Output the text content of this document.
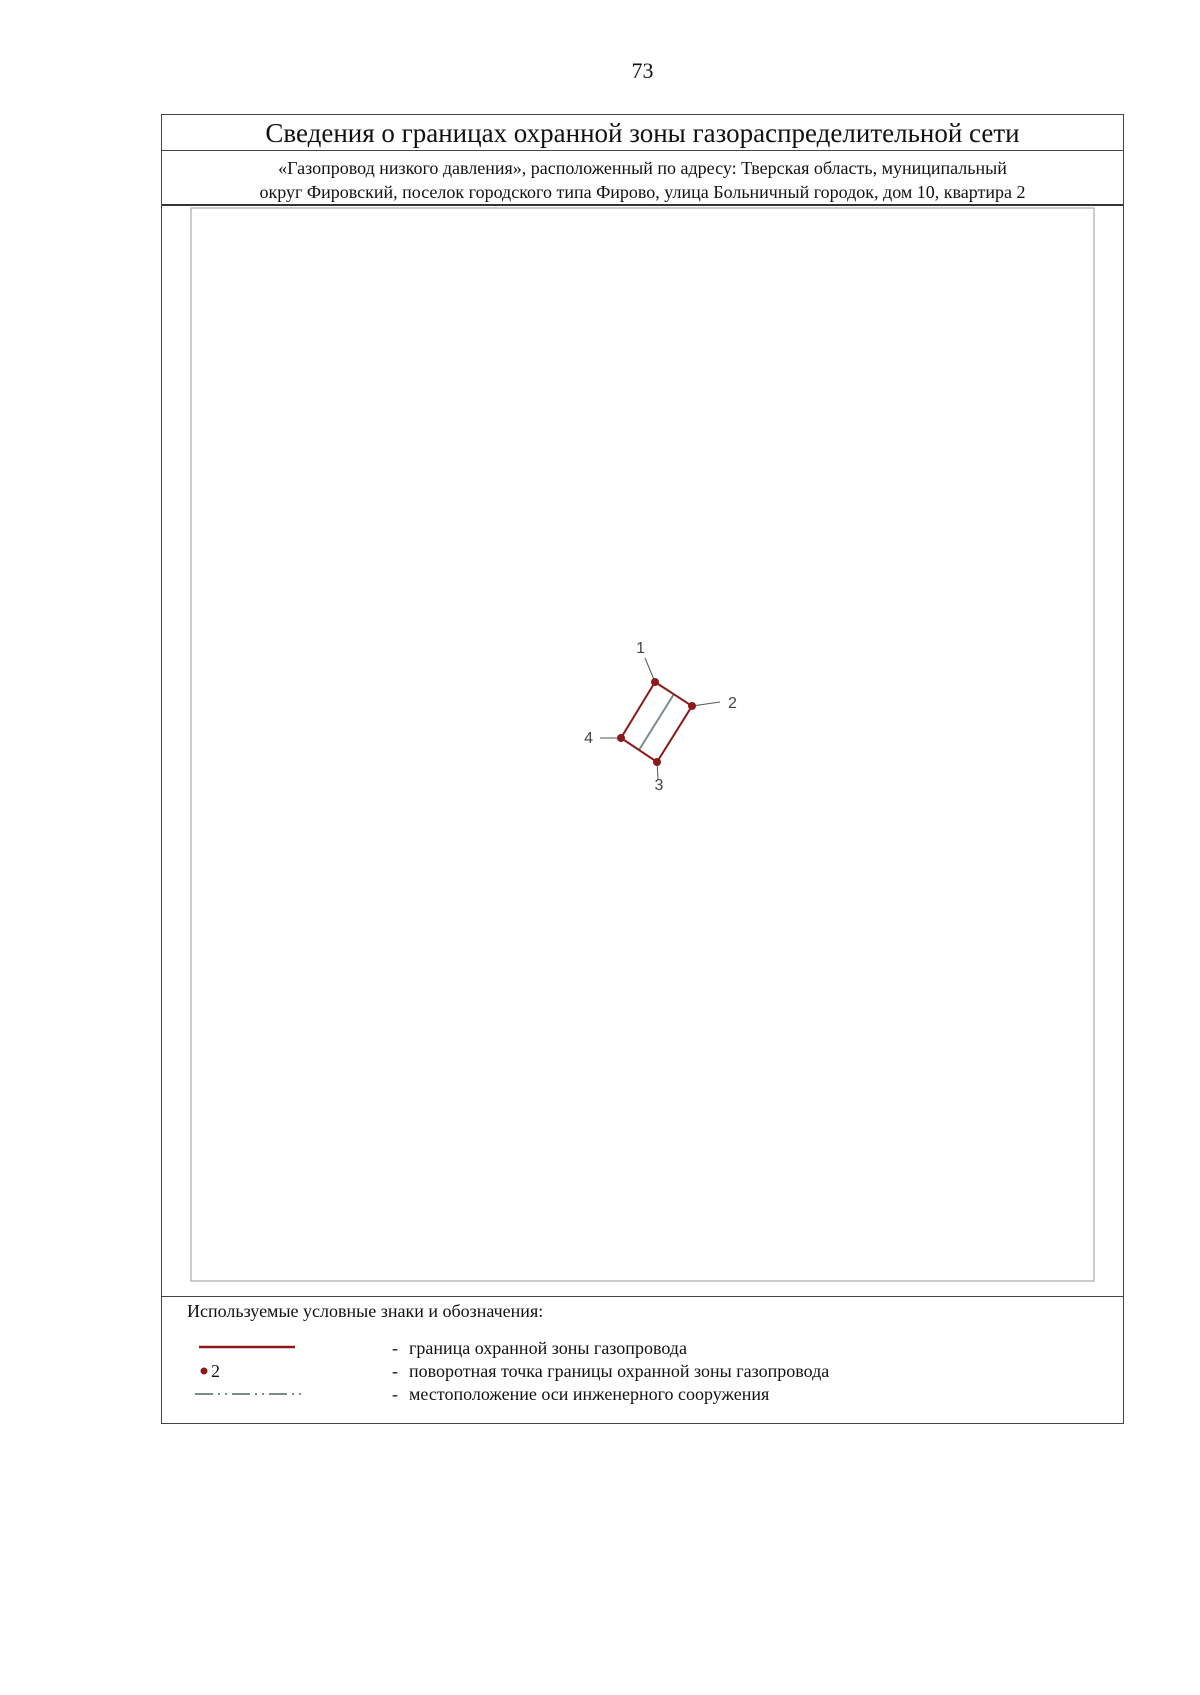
73
Сведения о границах охранной зоны газораспределительной сети
«Газопровод низкого давления», расположенный по адресу: Тверская область, муниципальный
округ Фировский, поселок городского типа Фирово, улица Больничный городок, дом 10, квартира 2
1
2
3
4
Используемые условные знаки и обозначения:
- граница охранной зоны газопровода
2	- поворотная точка границы охранной зоны газопровода
- местоположение оси инженерного сооружения
